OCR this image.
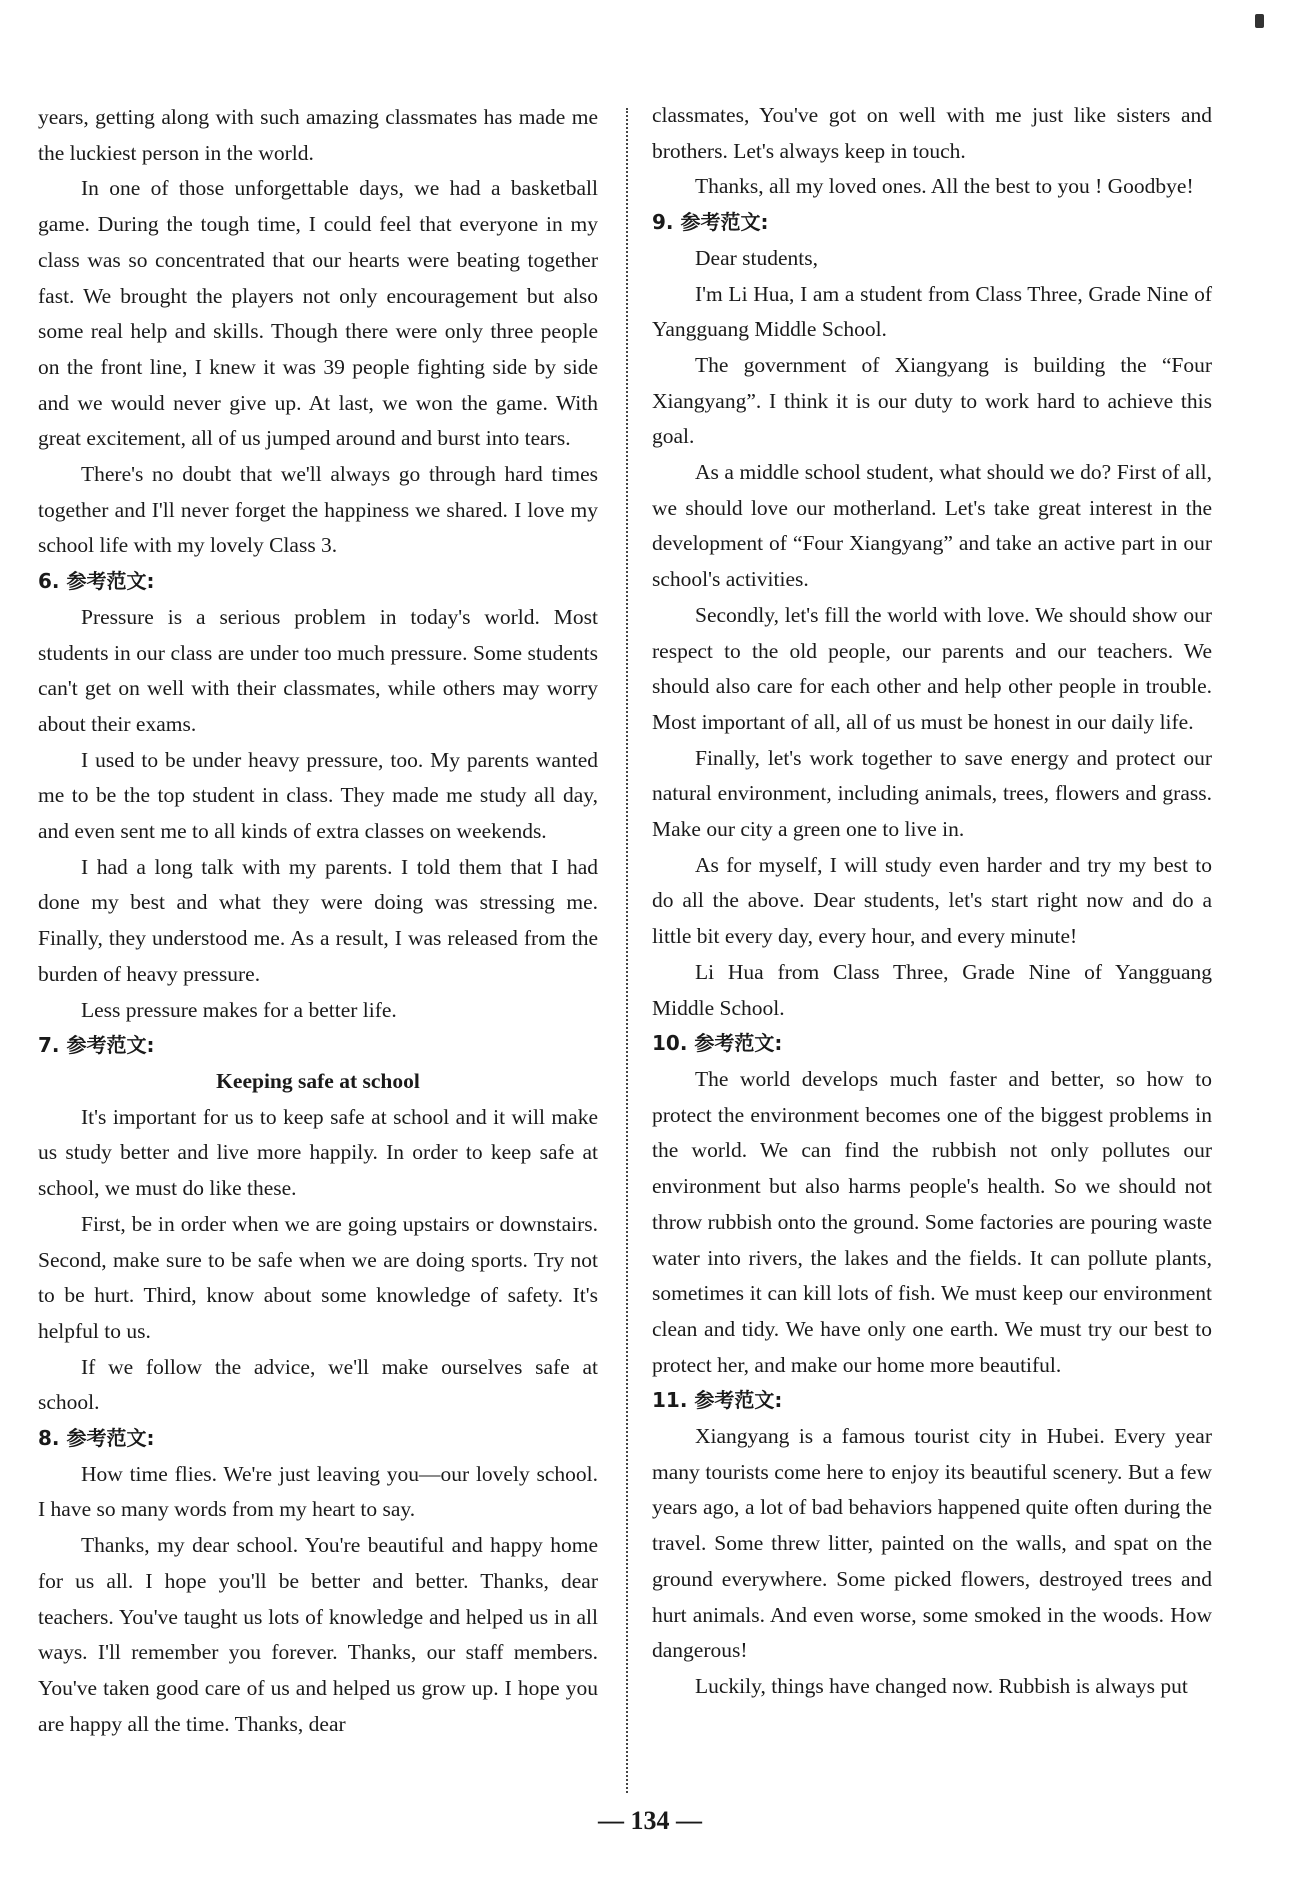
years, getting along with such amazing classmates has made me the luckiest person in the world.

In one of those unforgettable days, we had a basketball game. During the tough time, I could feel that everyone in my class was so concentrated that our hearts were beating together fast. We brought the players not only encouragement but also some real help and skills. Though there were only three people on the front line, I knew it was 39 people fighting side by side and we would never give up. At last, we won the game. With great excitement, all of us jumped around and burst into tears.

There's no doubt that we'll always go through hard times together and I'll never forget the happiness we shared. I love my school life with my lovely Class 3.

6. 参考范文:

Pressure is a serious problem in today's world. Most students in our class are under too much pressure. Some students can't get on well with their classmates, while others may worry about their exams.

I used to be under heavy pressure, too. My parents wanted me to be the top student in class. They made me study all day, and even sent me to all kinds of extra classes on weekends.

I had a long talk with my parents. I told them that I had done my best and what they were doing was stressing me. Finally, they understood me. As a result, I was released from the burden of heavy pressure.

Less pressure makes for a better life.

7. 参考范文:

Keeping safe at school

It's important for us to keep safe at school and it will make us study better and live more happily. In order to keep safe at school, we must do like these.

First, be in order when we are going upstairs or downstairs. Second, make sure to be safe when we are doing sports. Try not to be hurt. Third, know about some knowledge of safety. It's helpful to us.

If we follow the advice, we'll make ourselves safe at school.

8. 参考范文:

How time flies. We're just leaving you—our lovely school. I have so many words from my heart to say.

Thanks, my dear school. You're beautiful and happy home for us all. I hope you'll be better and better. Thanks, dear teachers. You've taught us lots of knowledge and helped us in all ways. I'll remember you forever. Thanks, our staff members. You've taken good care of us and helped us grow up. I hope you are happy all the time. Thanks, dear

classmates, You've got on well with me just like sisters and brothers. Let's always keep in touch.

Thanks, all my loved ones. All the best to you ! Goodbye!

9. 参考范文:

Dear students,

I'm Li Hua, I am a student from Class Three, Grade Nine of Yangguang Middle School.

The government of Xiangyang is building the “Four Xiangyang”. I think it is our duty to work hard to achieve this goal.

As a middle school student, what should we do? First of all, we should love our motherland. Let's take great interest in the development of “Four Xiangyang” and take an active part in our school's activities.

Secondly, let's fill the world with love. We should show our respect to the old people, our parents and our teachers. We should also care for each other and help other people in trouble. Most important of all, all of us must be honest in our daily life.

Finally, let's work together to save energy and protect our natural environment, including animals, trees, flowers and grass. Make our city a green one to live in.

As for myself, I will study even harder and try my best to do all the above. Dear students, let's start right now and do a little bit every day, every hour, and every minute!

Li Hua from Class Three, Grade Nine of Yangguang Middle School.

10. 参考范文:

The world develops much faster and better, so how to protect the environment becomes one of the biggest problems in the world. We can find the rubbish not only pollutes our environment but also harms people's health. So we should not throw rubbish onto the ground. Some factories are pouring waste water into rivers, the lakes and the fields. It can pollute plants, sometimes it can kill lots of fish. We must keep our environment clean and tidy. We have only one earth. We must try our best to protect her, and make our home more beautiful.

11. 参考范文:

Xiangyang is a famous tourist city in Hubei. Every year many tourists come here to enjoy its beautiful scenery. But a few years ago, a lot of bad behaviors happened quite often during the travel. Some threw litter, painted on the walls, and spat on the ground everywhere. Some picked flowers, destroyed trees and hurt animals. And even worse, some smoked in the woods. How dangerous!

Luckily, things have changed now. Rubbish is always put

— 134 —
